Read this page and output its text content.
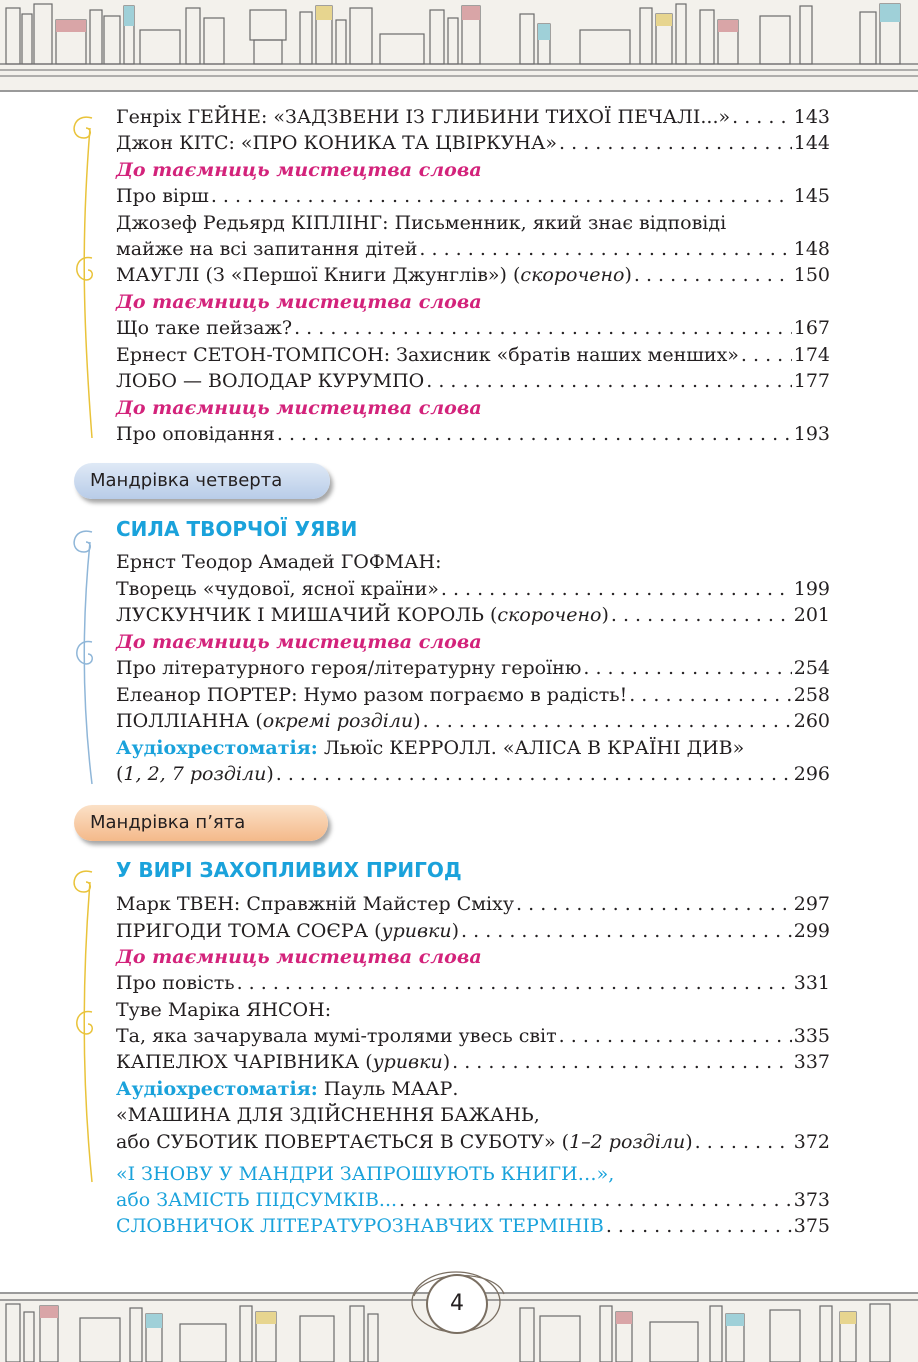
Генріх ГЕЙНЕ: «ЗАДЗВЕНИ ІЗ ГЛИБИНИ ТИХОЇ ПЕЧАЛІ...» . . .	143
Джон КІТС: «ПРО КОНИКА ТА ЦВІРКУНА» . . .	144
До таємниць мистецтва слова
Про вірш . . .	145
Джозеф Редьярд КІПЛІНГ: Письменник, який знає відповіді
майже на всі запитання дітей . . .	148
МАУГЛІ (З «Першої Книги Джунглів») (скорочено) . . .	150
До таємниць мистецтва слова
Що таке пейзаж? . . .	167
Ернест СЕТОН-ТОМПСОН: Захисник «братів наших менших» . . .	174
ЛОБО — ВОЛОДАР КУРУМПО . . .	177
До таємниць мистецтва слова
Про оповідання . . .	193
Мандрівка четверта
СИЛА ТВОРЧОЇ УЯВИ
Ернст Теодор Амадей ГОФМАН:
Творець «чудової, ясної країни» . . .	199
ЛУСКУНЧИК І МИШАЧИЙ КОРОЛЬ (скорочено) . . .	201
До таємниць мистецтва слова
Про літературного героя/літературну героїню . . .	254
Елеанор ПОРТЕР: Нумо разом пограємо в радість! . . .	258
ПОЛЛІАННА (окремі розділи) . . .	260
Аудіохрестоматія: Льюїс КЕРРОЛЛ. «АЛІСА В КРАЇНІ ДИВ»
(1, 2, 7 розділи) . . .	296
Мандрівка п’ята
У ВИРІ ЗАХОПЛИВИХ ПРИГОД
Марк ТВЕН: Справжній Майстер Сміху . . .	297
ПРИГОДИ ТОМА СОЄРА (уривки) . . .	299
До таємниць мистецтва слова
Про повість . . .	331
Туве Маріка ЯНСОН:
Та, яка зачарувала мумі-тролями увесь світ . . .	335
КАПЕЛЮХ ЧАРІВНИКА (уривки) . . .	337
Аудіохрестоматія: Пауль МААР.
«МАШИНА ДЛЯ ЗДІЙСНЕННЯ БАЖАНЬ,
або СУБОТИК ПОВЕРТАЄТЬСЯ В СУБОТУ» (1–2 розділи) . . .	372
«І ЗНОВУ У МАНДРИ ЗАПРОШУЮТЬ КНИГИ…»,
або ЗАМІСТЬ ПІДСУМКІВ... . . .	373
СЛОВНИЧОК ЛІТЕРАТУРОЗНАВЧИХ ТЕРМІНІВ . . .	375
4
